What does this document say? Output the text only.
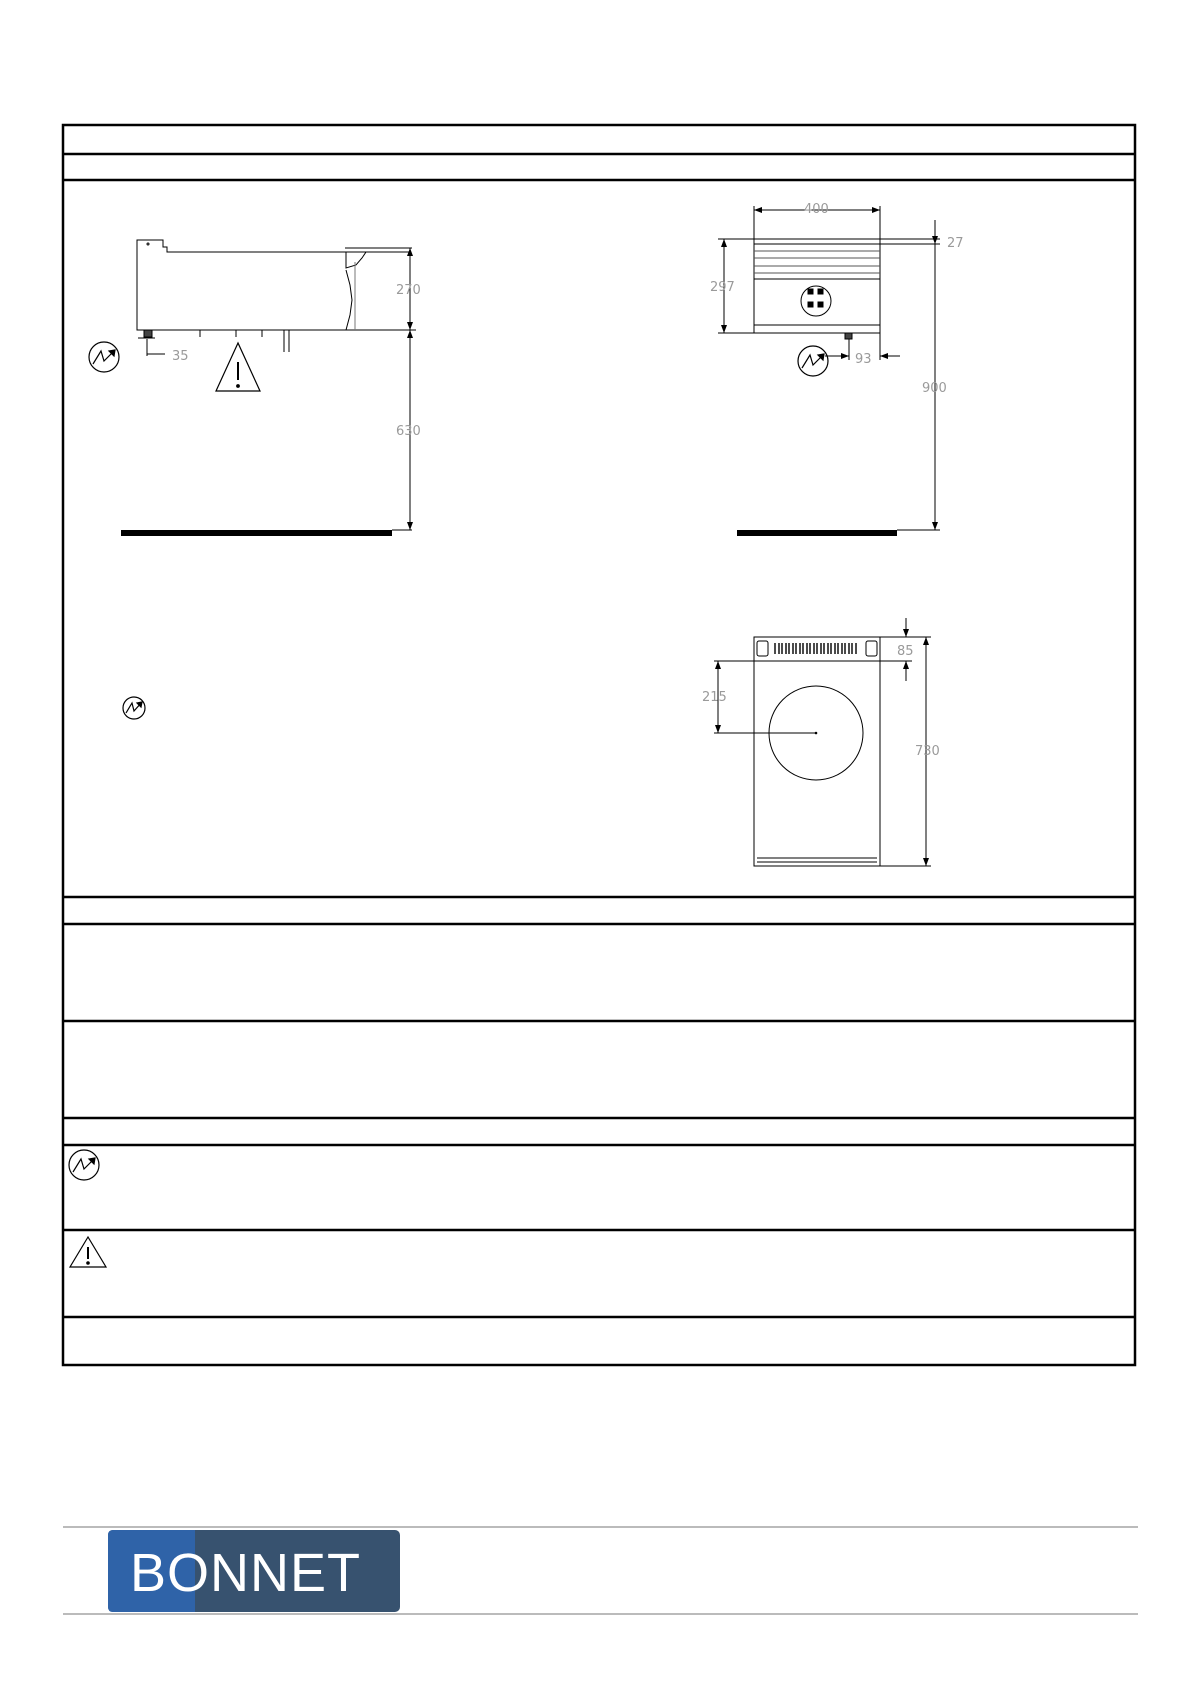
270
630
35
400
297
27
93
900
85
215
730
BONNET
